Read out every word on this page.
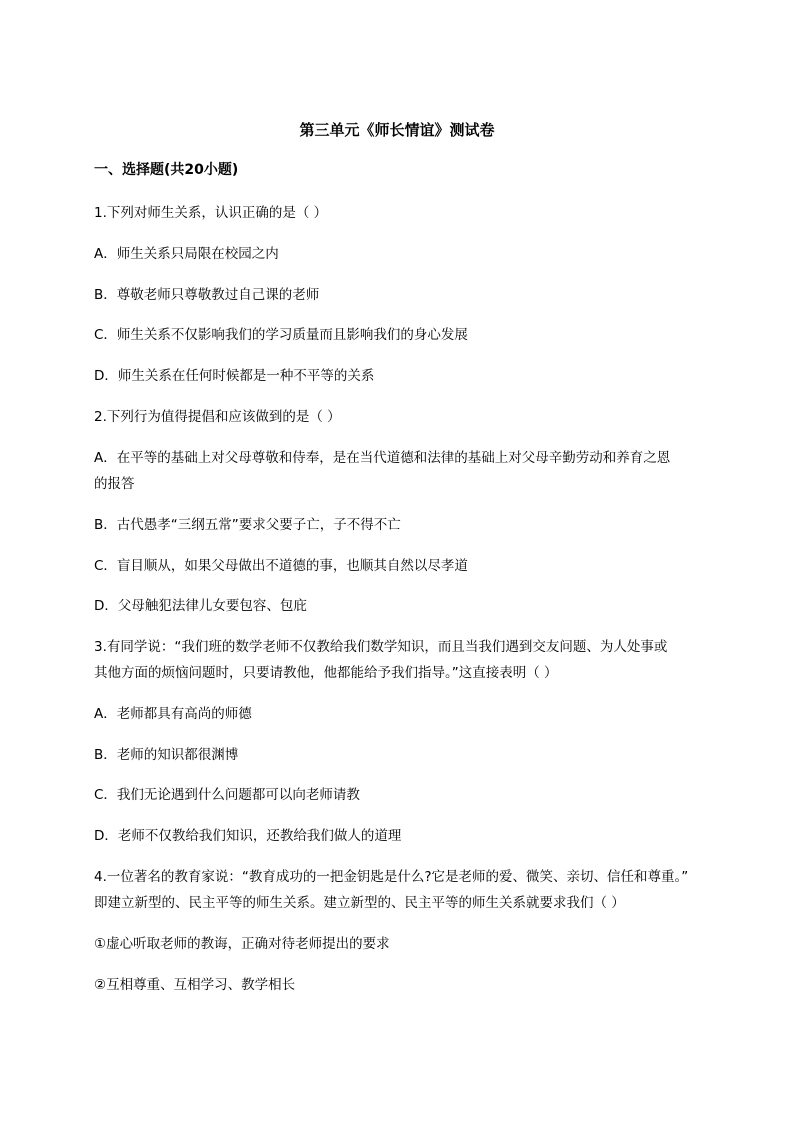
第三单元《师长情谊》测试卷
一、选择题(共20小题)
1.下列对师生关系，认识正确的是（ ）
A．师生关系只局限在校园之内
B．尊敬老师只尊敬教过自己课的老师
C．师生关系不仅影响我们的学习质量而且影响我们的身心发展
D．师生关系在任何时候都是一种不平等的关系
2.下列行为值得提倡和应该做到的是（ ）
A．在平等的基础上对父母尊敬和侍奉，是在当代道德和法律的基础上对父母辛勤劳动和养育之恩
的报答
B．古代愚孝“三纲五常”要求父要子亡，子不得不亡
C．盲目顺从，如果父母做出不道德的事，也顺其自然以尽孝道
D．父母触犯法律儿女要包容、包庇
3.有同学说：“我们班的数学老师不仅教给我们数学知识，而且当我们遇到交友问题、为人处事或
其他方面的烦恼问题时，只要请教他，他都能给予我们指导。”这直接表明（ ）
A．老师都具有高尚的师德
B．老师的知识都很渊博
C．我们无论遇到什么问题都可以向老师请教
D．老师不仅教给我们知识，还教给我们做人的道理
4.一位著名的教育家说：“教育成功的一把金钥匙是什么?它是老师的爱、微笑、亲切、信任和尊重。”
即建立新型的、民主平等的师生关系。建立新型的、民主平等的师生关系就要求我们（ ）
①虚心听取老师的教诲，正确对待老师提出的要求
②互相尊重、互相学习、教学相长
